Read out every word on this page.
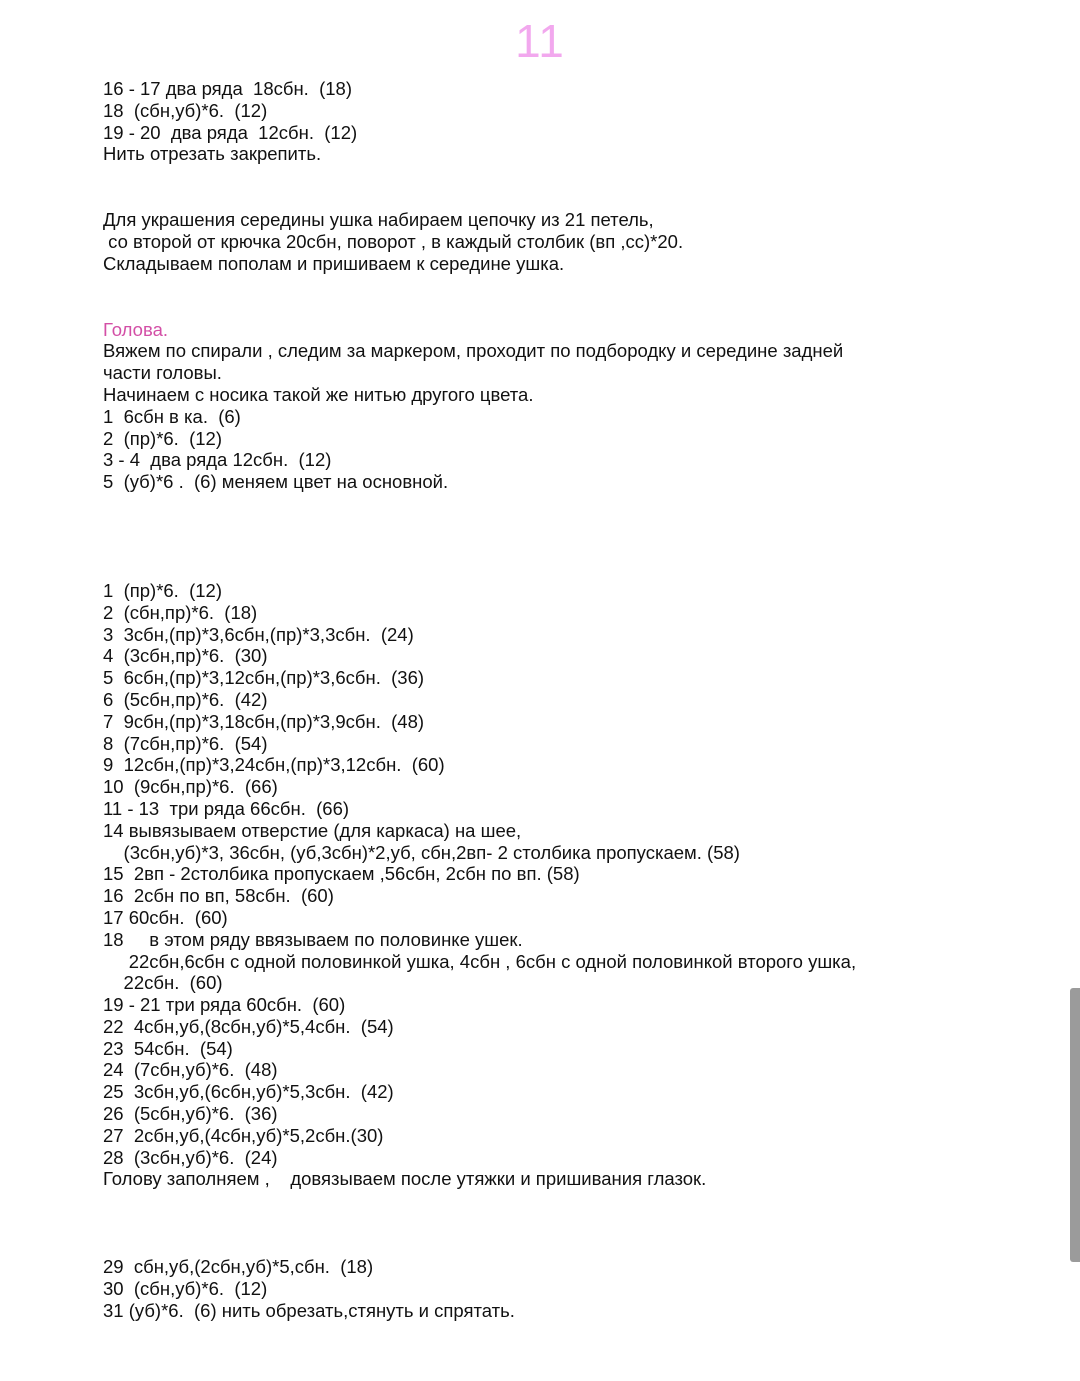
11
16 - 17 два ряда  18сбн.  (18)
18  (сбн,уб)*6.  (12)
19 - 20  два ряда  12сбн.  (12)
Нить отрезать закрепить.
Для украшения середины ушка набираем цепочку из 21 петель,
со второй от крючка 20сбн, поворот , в каждый столбик (вп ,сс)*20.
Складываем пополам и пришиваем к середине ушка.
Голова.
Вяжем по спирали , следим за маркером, проходит по подбородку и середине задней
части головы.
Начинаем с носика такой же нитью другого цвета.
1  6сбн в ка.  (6)
2  (пр)*6.  (12)
3 - 4  два ряда 12сбн.  (12)
5  (уб)*6 .  (6) меняем цвет на основной.
1  (пр)*6.  (12)
2  (сбн,пр)*6.  (18)
3  3сбн,(пр)*3,6сбн,(пр)*3,3сбн.  (24)
4  (3сбн,пр)*6.  (30)
5  6сбн,(пр)*3,12сбн,(пр)*3,6сбн.  (36)
6  (5сбн,пр)*6.  (42)
7  9сбн,(пр)*3,18сбн,(пр)*3,9сбн.  (48)
8  (7сбн,пр)*6.  (54)
9  12сбн,(пр)*3,24сбн,(пр)*3,12сбн.  (60)
10  (9сбн,пр)*6.  (66)
11 - 13  три ряда 66сбн.  (66)
14 вывязываем отверстие (для каркаса) на шее,
(3сбн,уб)*3, 36сбн, (уб,3сбн)*2,уб, сбн,2вп- 2 столбика пропускаем. (58)
15  2вп - 2столбика пропускаем ,56сбн, 2сбн по вп. (58)
16  2сбн по вп, 58сбн.  (60)
17 60сбн.  (60)
18     в этом ряду ввязываем по половинке ушек.
22сбн,6сбн с одной половинкой ушка, 4сбн , 6сбн с одной половинкой второго ушка,
22сбн.  (60)
19 - 21 три ряда 60сбн.  (60)
22  4сбн,уб,(8сбн,уб)*5,4сбн.  (54)
23  54сбн.  (54)
24  (7сбн,уб)*6.  (48)
25  3сбн,уб,(6сбн,уб)*5,3сбн.  (42)
26  (5сбн,уб)*6.  (36)
27  2сбн,уб,(4сбн,уб)*5,2сбн.(30)
28  (3сбн,уб)*6.  (24)
Голову заполняем ,    довязываем после утяжки и пришивания глазок.
29  сбн,уб,(2сбн,уб)*5,сбн.  (18)
30  (сбн,уб)*6.  (12)
31 (уб)*6.  (6) нить обрезать,стянуть и спрятать.
